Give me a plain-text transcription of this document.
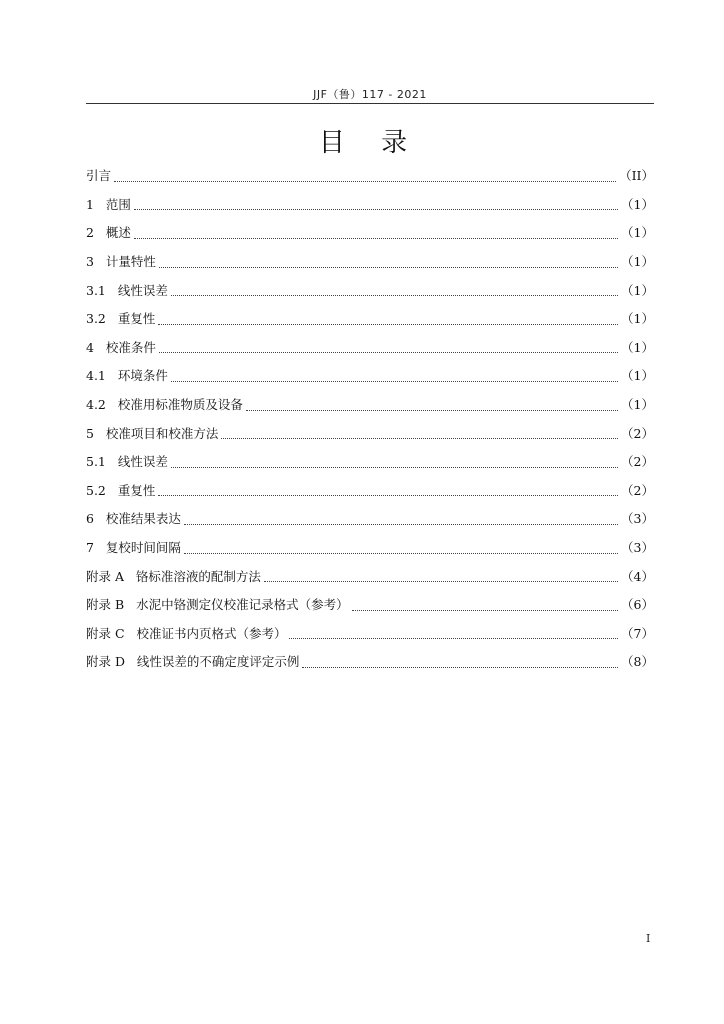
JJF（鲁）117 - 2021
目 录
引言	（II）
1 范围	（1）
2 概述	（1）
3 计量特性	（1）
3.1 线性误差	（1）
3.2 重复性	（1）
4 校准条件	（1）
4.1 环境条件	（1）
4.2 校准用标准物质及设备	（1）
5 校准项目和校准方法	（2）
5.1 线性误差	（2）
5.2 重复性	（2）
6 校准结果表达	（3）
7 复校时间间隔	（3）
附录 A 铬标准溶液的配制方法	（4）
附录 B 水泥中铬测定仪校准记录格式（参考）	（6）
附录 C 校准证书内页格式（参考）	（7）
附录 D 线性误差的不确定度评定示例	（8）
I
